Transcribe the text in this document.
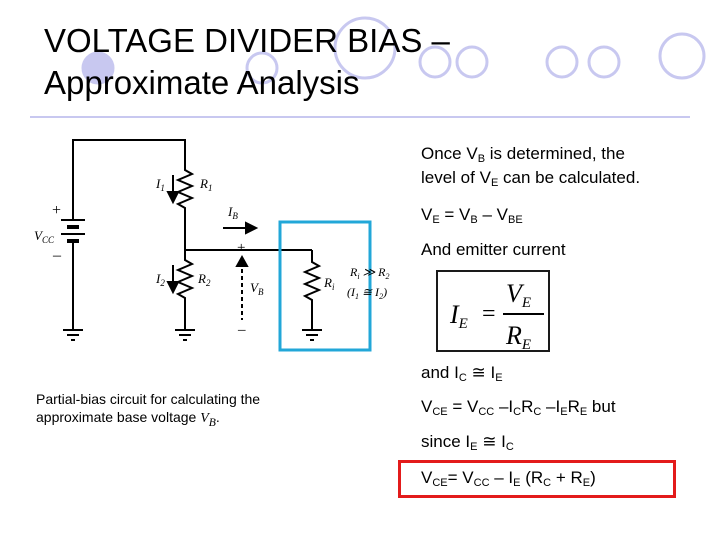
VOLTAGE DIVIDER BIAS –
Approximate Analysis
$V_{CC}$
+
–
$I_1$	$R_1$
$I_B$
$I_2$	$R_2$
+
$V_B$
–
$R_i$
$R_i$ ≫ $R_2$
($I_1$ ≅ $I_2$)
Partial-bias circuit for calculating the approximate base voltage $V_B$.
Once $V_B$ is determined, the
level of $V_E$ can be calculated.
$V_E = V_B - V_{BE}$
And emitter current
IE =
VE
RE
and $I_C$ ≅ $I_E$
$V_{CE} = V_{CC}$ $-I_CR_C$ $-I_ER_E$ but
since $I_E$ ≅ $I_C$
$V_{CE}= V_{CC} - I_E$ $(R_C + R_E)$
